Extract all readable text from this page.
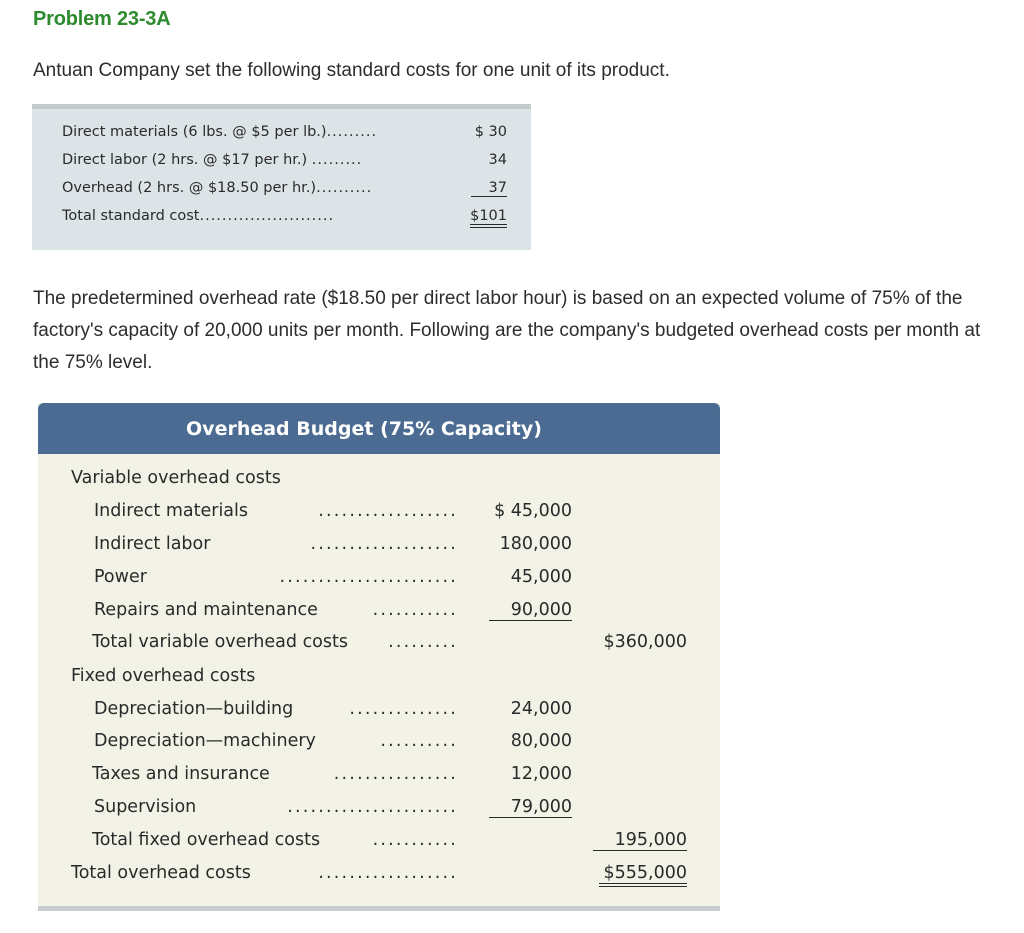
Problem 23-3A
Antuan Company set the following standard costs for one unit of its product.
Direct materials (6 lbs. @ $5 per lb.).........	$ 30
Direct labor (2 hrs. @ $17 per hr.) .........	34
Overhead (2 hrs. @ $18.50 per hr.)..........	37
Total standard cost........................	$101
The predetermined overhead rate ($18.50 per direct labor hour) is based on an expected volume of 75% of the factory's capacity of 20,000 units per month. Following are the company's budgeted overhead costs per month at the 75% level.
Overhead Budget (75% Capacity)
Variable overhead costs
Indirect materials	.................. $ 45,000
Indirect labor	................... 180,000
Power	.......................	45,000
Repairs and maintenance	...........	90,000
Total variable overhead costs .........	$360,000
Fixed overhead costs
Depreciation—building	..............	24,000
Depreciation—machinery	..........	80,000
Taxes and insurance	................	12,000
Supervision	......................	79,000
Total fixed overhead costs	...........	195,000
Total overhead costs	..................	$555,000
